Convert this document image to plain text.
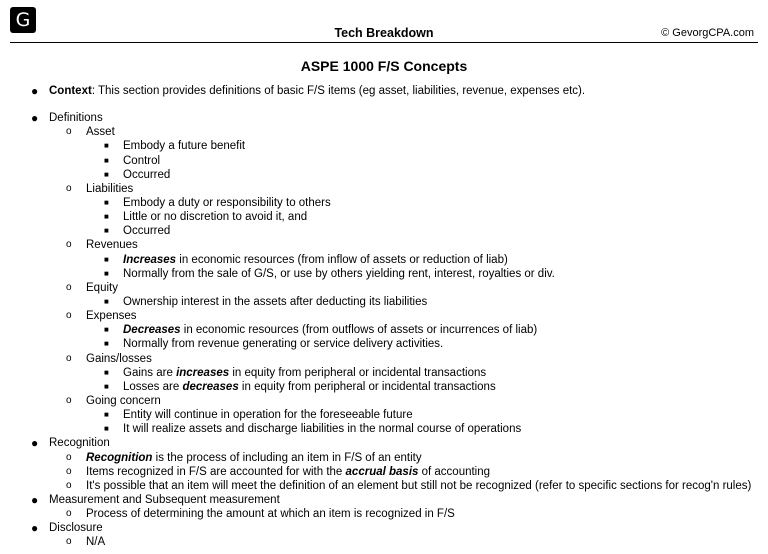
G
Tech Breakdown	© GevorgCPA.com
ASPE 1000 F/S Concepts
● Context: This section provides definitions of basic F/S items (eg asset, liabilities, revenue, expenses etc).
● Definitions
o Asset
■ Embody a future benefit
■ Control
■ Occurred
o Liabilities
■ Embody a duty or responsibility to others
■ Little or no discretion to avoid it, and
■ Occurred
o Revenues
■ Increases in economic resources (from inflow of assets or reduction of liab)
■ Normally from the sale of G/S, or use by others yielding rent, interest, royalties or div.
o Equity
■ Ownership interest in the assets after deducting its liabilities
o Expenses
■ Decreases in economic resources (from outflows of assets or incurrences of liab)
■ Normally from revenue generating or service delivery activities.
o Gains/losses
■ Gains are increases in equity from peripheral or incidental transactions
■ Losses are decreases in equity from peripheral or incidental transactions
o Going concern
■ Entity will continue in operation for the foreseeable future
■ It will realize assets and discharge liabilities in the normal course of operations
● Recognition
o Recognition is the process of including an item in F/S of an entity
o Items recognized in F/S are accounted for with the accrual basis of accounting
o It's possible that an item will meet the definition of an element but still not be recognized (refer to specific sections for recog'n rules)
● Measurement and Subsequent measurement
o Process of determining the amount at which an item is recognized in F/S
● Disclosure
o N/A
